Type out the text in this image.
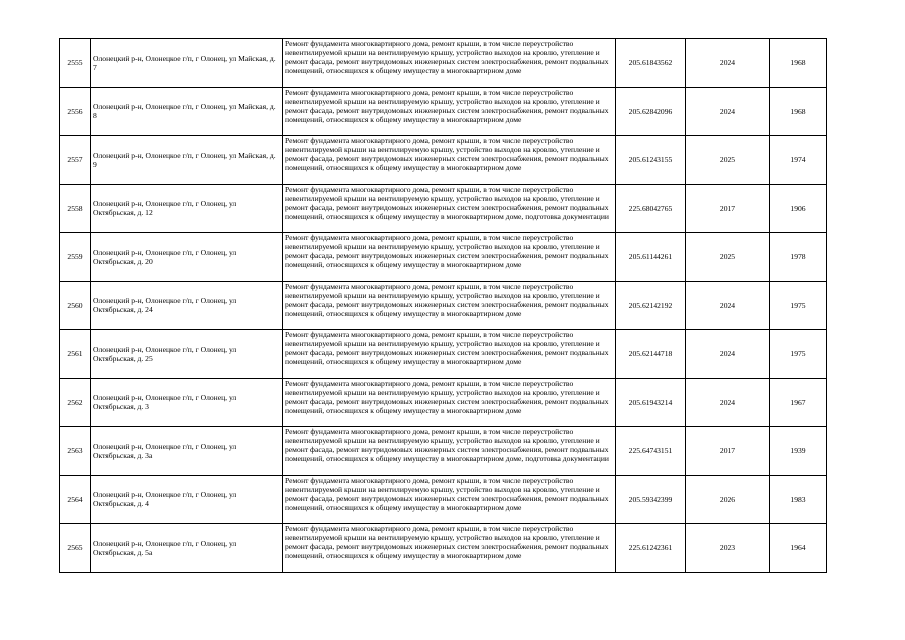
2555	Олонецкий р-н, Олонецкое г/п, г Олонец, ул Майская, д. 7	Ремонт фундамента многоквартирного дома, ремонт крыши, в том числе переустройство невентилируемой крыши на вентилируемую крышу, устройство выходов на кровлю, утепление и ремонт фасада, ремонт внутридомовых инженерных систем электроснабжения, ремонт подвальных помещений, относящихся к общему имуществу в многоквартирном доме	205.61843562	2024	1968
2556	Олонецкий р-н, Олонецкое г/п, г Олонец, ул Майская, д. 8	Ремонт фундамента многоквартирного дома, ремонт крыши, в том числе переустройство невентилируемой крыши на вентилируемую крышу, устройство выходов на кровлю, утепление и ремонт фасада, ремонт внутридомовых инженерных систем электроснабжения, ремонт подвальных помещений, относящихся к общему имуществу в многоквартирном доме	205.62842096	2024	1968
2557	Олонецкий р-н, Олонецкое г/п, г Олонец, ул Майская, д. 9	Ремонт фундамента многоквартирного дома, ремонт крыши, в том числе переустройство невентилируемой крыши на вентилируемую крышу, устройство выходов на кровлю, утепление и ремонт фасада, ремонт внутридомовых инженерных систем электроснабжения, ремонт подвальных помещений, относящихся к общему имуществу в многоквартирном доме	205.61243155	2025	1974
2558	Олонецкий р-н, Олонецкое г/п, г Олонец, ул Октябрьская, д. 12	Ремонт фундамента многоквартирного дома, ремонт крыши, в том числе переустройство невентилируемой крыши на вентилируемую крышу, устройство выходов на кровлю, утепление и ремонт фасада, ремонт внутридомовых инженерных систем электроснабжения, ремонт подвальных помещений, относящихся к общему имуществу в многоквартирном доме, подготовка документации	225.68042765	2017	1906
2559	Олонецкий р-н, Олонецкое г/п, г Олонец, ул Октябрьская, д. 20	Ремонт фундамента многоквартирного дома, ремонт крыши, в том числе переустройство невентилируемой крыши на вентилируемую крышу, устройство выходов на кровлю, утепление и ремонт фасада, ремонт внутридомовых инженерных систем электроснабжения, ремонт подвальных помещений, относящихся к общему имуществу в многоквартирном доме	205.61144261	2025	1978
2560	Олонецкий р-н, Олонецкое г/п, г Олонец, ул Октябрьская, д. 24	Ремонт фундамента многоквартирного дома, ремонт крыши, в том числе переустройство невентилируемой крыши на вентилируемую крышу, устройство выходов на кровлю, утепление и ремонт фасада, ремонт внутридомовых инженерных систем электроснабжения, ремонт подвальных помещений, относящихся к общему имуществу в многоквартирном доме	205.62142192	2024	1975
2561	Олонецкий р-н, Олонецкое г/п, г Олонец, ул Октябрьская, д. 25	Ремонт фундамента многоквартирного дома, ремонт крыши, в том числе переустройство невентилируемой крыши на вентилируемую крышу, устройство выходов на кровлю, утепление и ремонт фасада, ремонт внутридомовых инженерных систем электроснабжения, ремонт подвальных помещений, относящихся к общему имуществу в многоквартирном доме	205.62144718	2024	1975
2562	Олонецкий р-н, Олонецкое г/п, г Олонец, ул Октябрьская, д. 3	Ремонт фундамента многоквартирного дома, ремонт крыши, в том числе переустройство невентилируемой крыши на вентилируемую крышу, устройство выходов на кровлю, утепление и ремонт фасада, ремонт внутридомовых инженерных систем электроснабжения, ремонт подвальных помещений, относящихся к общему имуществу в многоквартирном доме	205.61943214	2024	1967
2563	Олонецкий р-н, Олонецкое г/п, г Олонец, ул Октябрьская, д. 3а	Ремонт фундамента многоквартирного дома, ремонт крыши, в том числе переустройство невентилируемой крыши на вентилируемую крышу, устройство выходов на кровлю, утепление и ремонт фасада, ремонт внутридомовых инженерных систем электроснабжения, ремонт подвальных помещений, относящихся к общему имуществу в многоквартирном доме, подготовка документации	225.64743151	2017	1939
2564	Олонецкий р-н, Олонецкое г/п, г Олонец, ул Октябрьская, д. 4	Ремонт фундамента многоквартирного дома, ремонт крыши, в том числе переустройство невентилируемой крыши на вентилируемую крышу, устройство выходов на кровлю, утепление и ремонт фасада, ремонт внутридомовых инженерных систем электроснабжения, ремонт подвальных помещений, относящихся к общему имуществу в многоквартирном доме	205.59342399	2026	1983
2565	Олонецкий р-н, Олонецкое г/п, г Олонец, ул Октябрьская, д. 5а	Ремонт фундамента многоквартирного дома, ремонт крыши, в том числе переустройство невентилируемой крыши на вентилируемую крышу, устройство выходов на кровлю, утепление и ремонт фасада, ремонт внутридомовых инженерных систем электроснабжения, ремонт подвальных помещений, относящихся к общему имуществу в многоквартирном доме	225.61242361	2023	1964
